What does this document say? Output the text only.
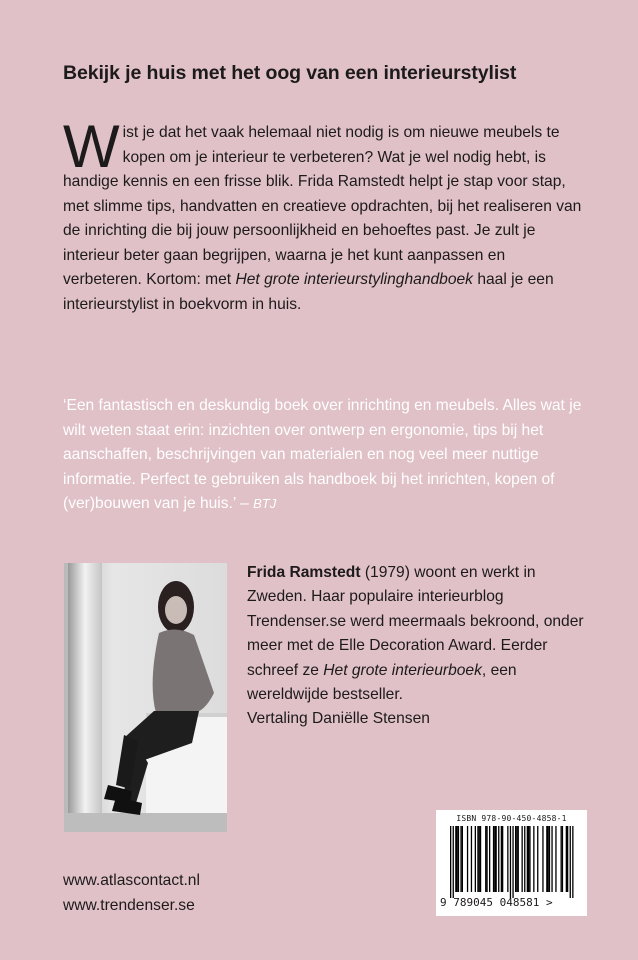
Bekijk je huis met het oog van een interieurstylist

Wist je dat het vaak helemaal niet nodig is om nieuwe meubels te kopen om je interieur te verbeteren? Wat je wel nodig hebt, is handige kennis en een frisse blik. Frida Ramstedt helpt je stap voor stap, met slimme tips, handvatten en creatieve opdrachten, bij het realiseren van de inrichting die bij jouw persoonlijkheid en behoeftes past. Je zult je interieur beter gaan begrijpen, waarna je het kunt aanpassen en verbeteren. Kortom: met Het grote interieurstylinghandboek haal je een interieurstylist in boekvorm in huis.

‘Een fantastisch en deskundig boek over inrichting en meubels. Alles wat je wilt weten staat erin: inzichten over ontwerp en ergonomie, tips bij het aanschaffen, beschrijvingen van materialen en nog veel meer nuttige informatie. Perfect te gebruiken als handboek bij het inrichten, kopen of (ver)bouwen van je huis.’ – BTJ

Frida Ramstedt (1979) woont en werkt in Zweden. Haar populaire interieurblog Trendenser.se werd meermaals bekroond, onder meer met de Elle Decoration Award. Eerder schreef ze Het grote interieurboek, een wereldwijde bestseller.
Vertaling Daniëlle Stensen

www.atlascontact.nl
www.trendenser.se
ISBN 978-90-450-4858-1
9 789045 048581 >
